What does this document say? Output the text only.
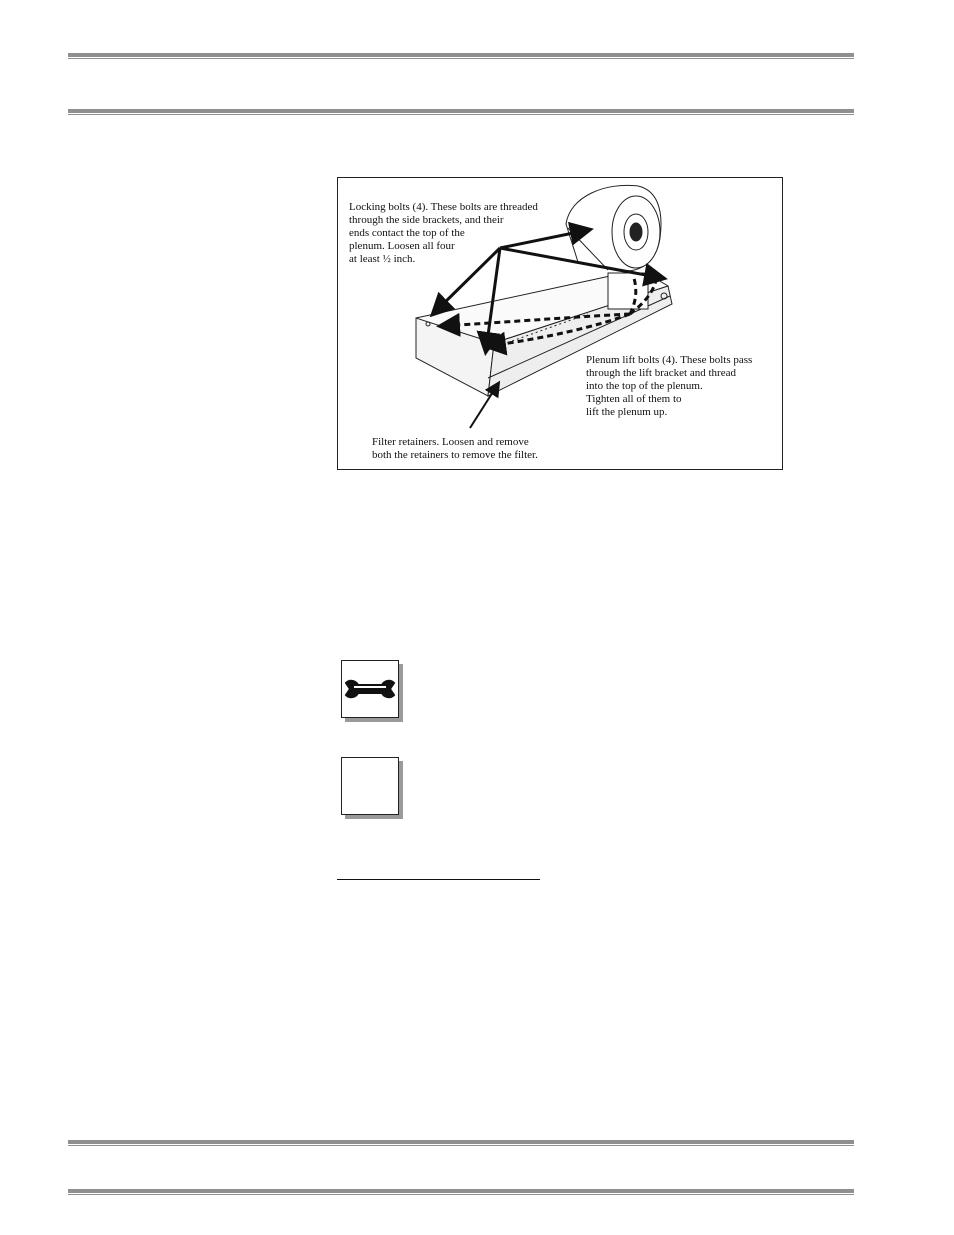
Locking bolts (4). These bolts are threaded
through the side brackets, and their
ends contact the top of the
plenum. Loosen all four
at least ½ inch.
Plenum lift bolts (4). These bolts pass
through the lift bracket and thread
into the top of the plenum.
Tighten all of them to
lift the plenum up.
Filter retainers. Loosen and remove
both the retainers to remove the filter.
